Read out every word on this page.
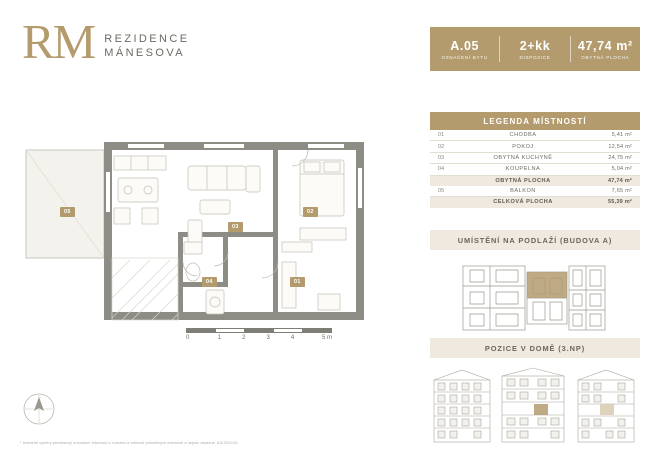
RM REZIDENCE
MÁNESOVA
A.05
OZNAČENÍ BYTU
2+kk
DISPOZICE
47,74 m²
OBYTNÁ PLOCHA
LEGENDA MÍSTNOSTÍ
01	CHODBA	5,41 m²
02	POKOJ	12,54 m²
03	OBYTNÁ KUCHYNĚ	24,75 m²
04	KOUPELNA	5,04 m²
	OBYTNÁ PLOCHA	47,74 m²
05	BALKON	7,65 m²
	CELKOVÁ PLOCHA	55,39 m²
UMÍSTĚNÍ NA PODLAŽÍ (BUDOVA A)
POZICE V DOMĚ (3.NP)
05
03
02
04	01
0	1	2	3	4	5 m
* Uvedené výměry představují orientační informaci o rozsahu a velikosti jednotlivých místností a nejsou závazné. AG/2021/16
